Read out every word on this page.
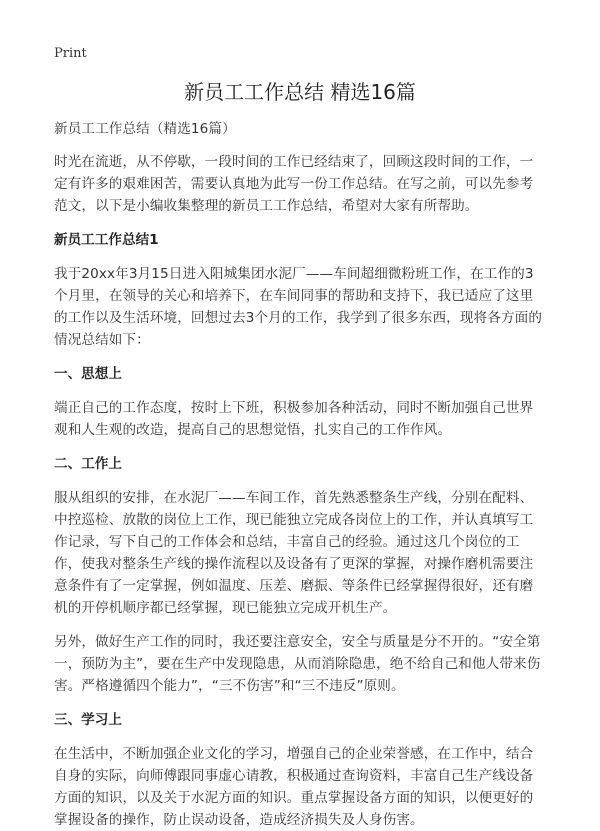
Print
新员工工作总结 精选16篇

新员工工作总结（精选16篇）

时光在流逝，从不停歇，一段时间的工作已经结束了，回顾这段时间的工作，一定有许多的艰难困苦，需要认真地为此写一份工作总结。在写之前，可以先参考范文，以下是小编收集整理的新员工工作总结，希望对大家有所帮助。

新员工工作总结1

我于20xx年3月15日进入阳城集团水泥厂——车间超细微粉班工作，在工作的3个月里，在领导的关心和培养下，在车间同事的帮助和支持下，我已适应了这里的工作以及生活环境，回想过去3个月的工作，我学到了很多东西，现将各方面的情况总结如下：

一、思想上

端正自己的工作态度，按时上下班，积极参加各种活动，同时不断加强自己世界观和人生观的改造，提高自己的思想觉悟，扎实自己的工作作风。

二、工作上

服从组织的安排，在水泥厂——车间工作，首先熟悉整条生产线，分别在配料、中控巡检、放散的岗位上工作，现已能独立完成各岗位上的工作，并认真填写工作记录，写下自己的工作体会和总结，丰富自己的经验。通过这几个岗位的工作，使我对整条生产线的操作流程以及设备有了更深的掌握，对操作磨机需要注意条件有了一定掌握，例如温度、压差、磨振、等条件已经掌握得很好，还有磨机的开停机顺序都已经掌握，现已能独立完成开机生产。

另外，做好生产工作的同时，我还要注意安全，安全与质量是分不开的。“安全第一，预防为主”，要在生产中发现隐患，从而消除隐患，绝不给自己和他人带来伤害。严格遵循四个能力”，“三不伤害”和“三不违反”原则。

三、学习上

在生活中，不断加强企业文化的学习，增强自己的企业荣誉感，在工作中，结合自身的实际，向师傅跟同事虚心请教，积极通过查询资料，丰富自己生产线设备方面的知识，以及关于水泥方面的知识。重点掌握设备方面的知识，以便更好的掌握设备的操作，防止误动设备，造成经济损失及人身伤害。
